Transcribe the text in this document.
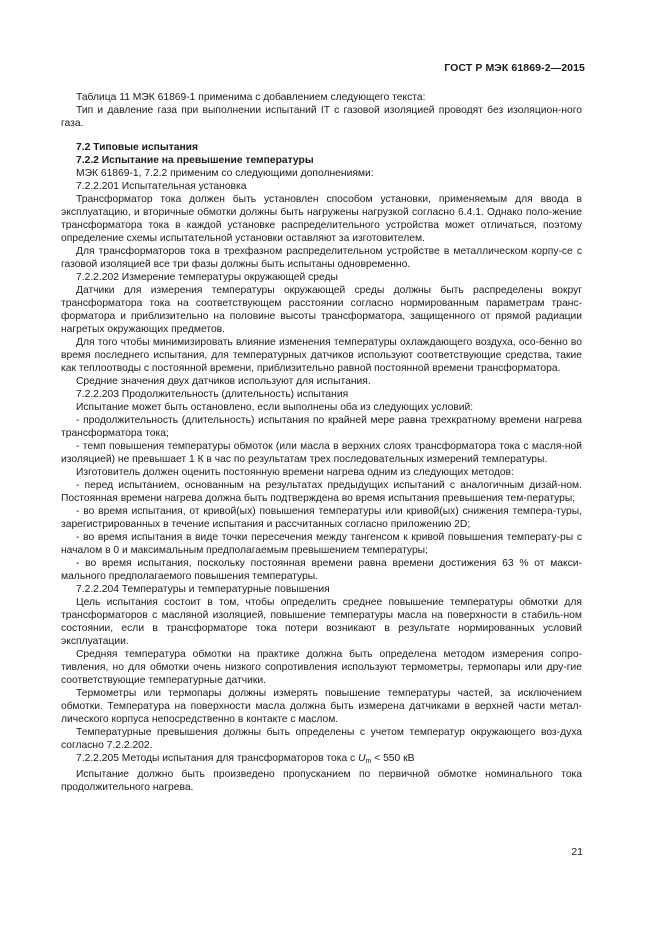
ГОСТ Р МЭК 61869-2—2015

Таблица 11 МЭК 61869-1 применима с добавлением следующего текста:

Тип и давление газа при выполнении испытаний IT с газовой изоляцией проводят без изоляцион-ного газа.

7.2 Типовые испытания

7.2.2 Испытание на превышение температуры

МЭК 61869-1, 7.2.2 применим со следующими дополнениями:

7.2.2.201 Испытательная установка

Трансформатор тока должен быть установлен способом установки, применяемым для ввода в эксплуатацию, и вторичные обмотки должны быть нагружены нагрузкой согласно 6.4.1. Однако поло-жение трансформатора тока в каждой установке распределительного устройства может отличаться, поэтому определение схемы испытательной установки оставляют за изготовителем.

Для трансформаторов тока в трехфазном распределительном устройстве в металлическом корпу-се с газовой изоляцией все три фазы должны быть испытаны одновременно.

7.2.2.202 Измерение температуры окружающей среды

Датчики для измерения температуры окружающей среды должны быть распределены вокруг трансформатора тока на соответствующем расстоянии согласно нормированным параметрам транс-форматора и приблизительно на половине высоты трансформатора, защищенного от прямой радиации нагретых окружающих предметов.

Для того чтобы минимизировать влияние изменения температуры охлаждающего воздуха, осо-бенно во время последнего испытания, для температурных датчиков используют соответствующие средства, такие как теплоотводы с постоянной времени, приблизительно равной постоянной времени трансформатора.

Средние значения двух датчиков используют для испытания.

7.2.2.203 Продолжительность (длительность) испытания

Испытание может быть остановлено, если выполнены оба из следующих условий:

- продолжительность (длительность) испытания по крайней мере равна трехкратному времени нагрева трансформатора тока;

- темп повышения температуры обмоток (или масла в верхних слоях трансформатора тока с масля-ной изоляцией) не превышает 1 К в час по результатам трех последовательных измерений температуры.

Изготовитель должен оценить постоянную времени нагрева одним из следующих методов:

- перед испытанием, основанным на результатах предыдущих испытаний с аналогичным дизай-ном. Постоянная времени нагрева должна быть подтверждена во время испытания превышения тем-пературы;

- во время испытания, от кривой(ых) повышения температуры или кривой(ых) снижения темпера-туры, зарегистрированных в течение испытания и рассчитанных согласно приложению 2D;

- во время испытания в виде точки пересечения между тангенсом к кривой повышения температу-ры с началом в 0 и максимальным предполагаемым превышением температуры;

- во время испытания, поскольку постоянная времени равна времени достижения 63 % от макси-мального предполагаемого повышения температуры.

7.2.2.204 Температуры и температурные повышения

Цель испытания состоит в том, чтобы определить среднее повышение температуры обмотки для трансформаторов с масляной изоляцией, повышение температуры масла на поверхности в стабиль-ном состоянии, если в трансформаторе тока потери возникают в результате нормированных условий эксплуатации.

Средняя температура обмотки на практике должна быть определена методом измерения сопро-тивления, но для обмотки очень низкого сопротивления используют термометры, термопары или дру-гие соответствующие температурные датчики.

Термометры или термопары должны измерять повышение температуры частей, за исключением обмотки. Температура на поверхности масла должна быть измерена датчиками в верхней части метал-лического корпуса непосредственно в контакте с маслом.

Температурные превышения должны быть определены с учетом температур окружающего воз-духа согласно 7.2.2.202.

7.2.2.205 Методы испытания для трансформаторов тока с $U_m < 550$ кВ

Испытание должно быть произведено пропусканием по первичной обмотке номинального тока продолжительного нагрева.

21
